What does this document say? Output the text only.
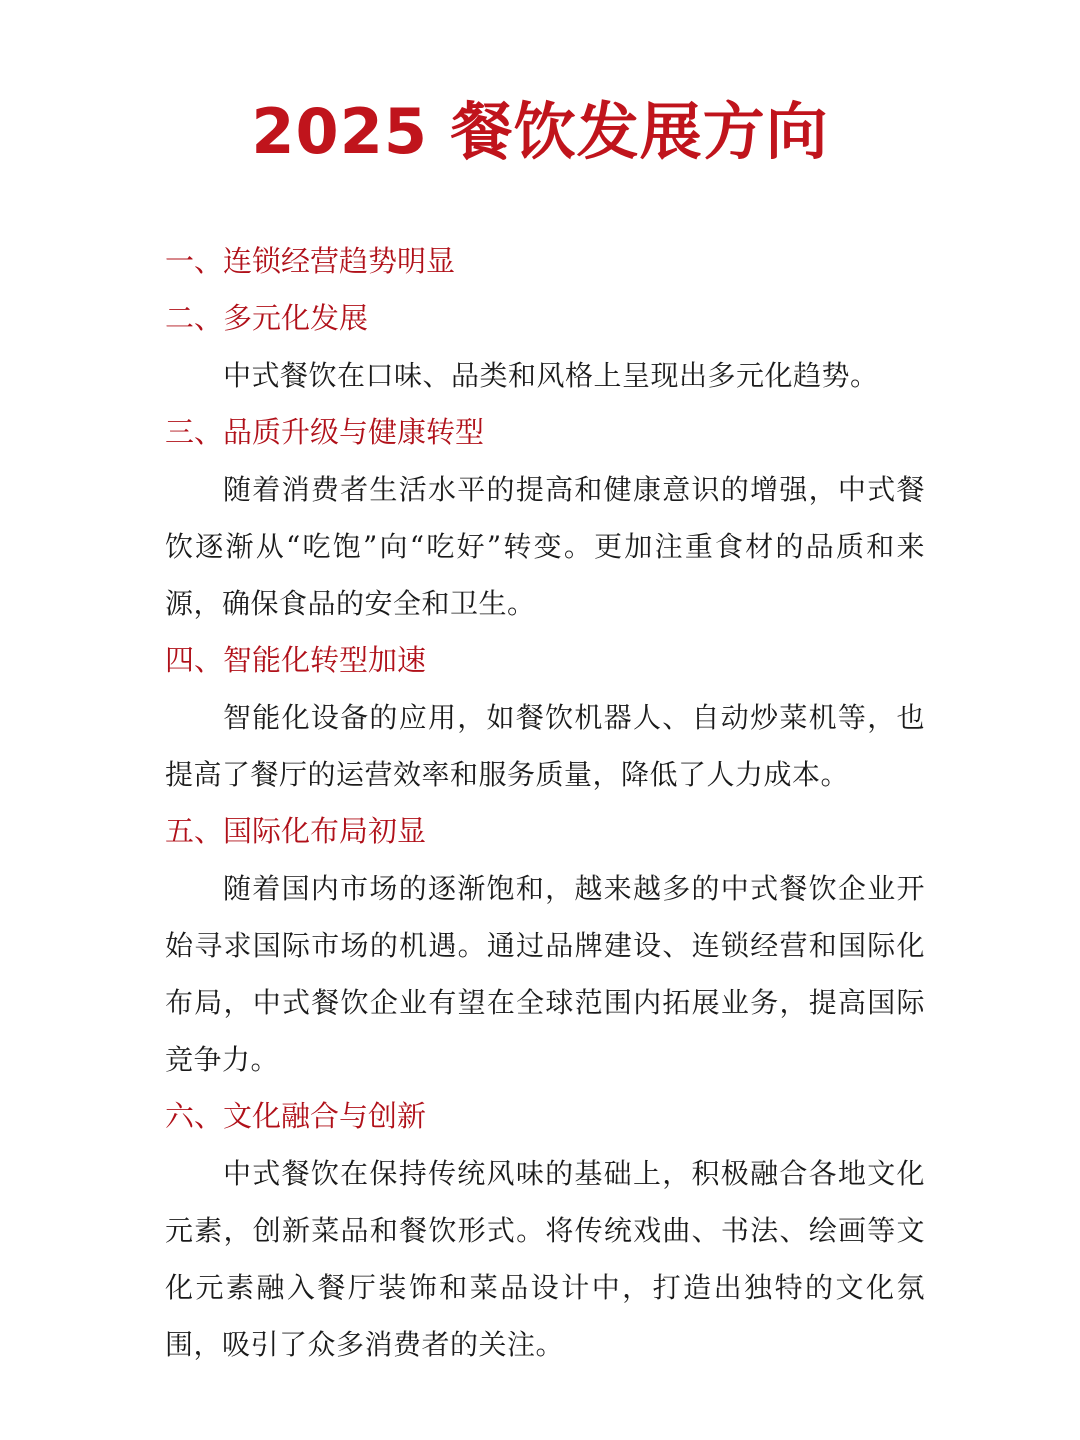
2025 餐饮发展方向

一、连锁经营趋势明显

二、多元化发展

中式餐饮在口味、品类和风格上呈现出多元化趋势。

三、品质升级与健康转型

随着消费者生活水平的提高和健康意识的增强，中式餐饮逐渐从“吃饱”向“吃好”转变。更加注重食材的品质和来源，确保食品的安全和卫生。

四、智能化转型加速

智能化设备的应用，如餐饮机器人、自动炒菜机等，也提高了餐厅的运营效率和服务质量，降低了人力成本。

五、国际化布局初显

随着国内市场的逐渐饱和，越来越多的中式餐饮企业开始寻求国际市场的机遇。通过品牌建设、连锁经营和国际化布局，中式餐饮企业有望在全球范围内拓展业务，提高国际竞争力。

六、文化融合与创新

中式餐饮在保持传统风味的基础上，积极融合各地文化元素，创新菜品和餐饮形式。将传统戏曲、书法、绘画等文化元素融入餐厅装饰和菜品设计中，打造出独特的文化氛围，吸引了众多消费者的关注。
